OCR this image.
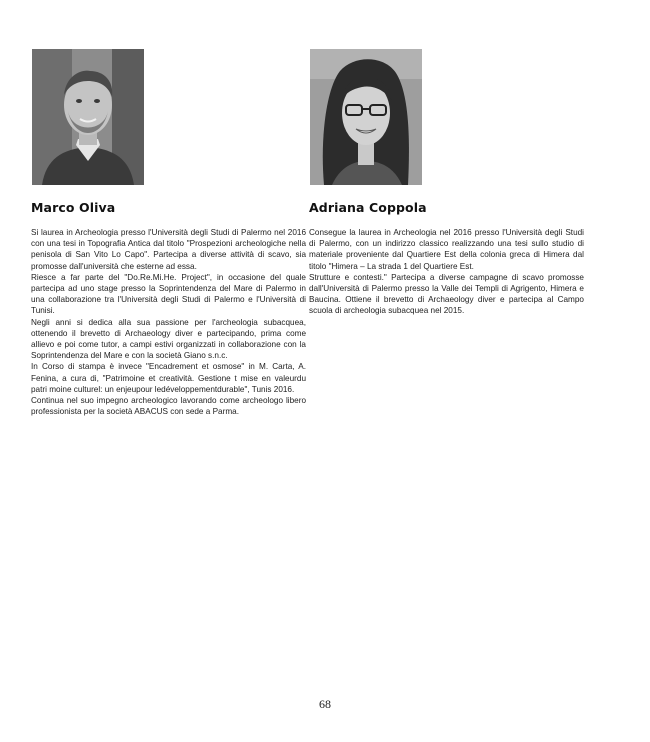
Marco Oliva	Adriana Coppola

Si laurea in Archeologia presso l'Università degli Studi di Palermo nel 2016 con una tesi in Topografia Antica dal titolo "Prospezioni archeologiche nella penisola di San Vito Lo Capo". Partecipa a diverse attività di scavo, sia promosse dall'università che esterne ad essa.

Riesce a far parte del "Do.Re.Mi.He. Project", in occasione del quale partecipa ad uno stage presso la Soprintendenza del Mare di Palermo in una collaborazione tra l'Università degli Studi di Palermo e l'Università di Tunisi.

Negli anni si dedica alla sua passione per l'archeologia subacquea, ottenendo il brevetto di Archaeology diver e partecipando, prima come allievo e poi come tutor, a campi estivi organizzati in collaborazione con la Soprintendenza del Mare e con la società Giano s.n.c.

In Corso di stampa è invece "Encadrement et osmose" in M. Carta, A. Fenina, a cura di, "Patrimoine et creatività. Gestione t mise en valeurdu patri moine culturel: un enjeupour ledéveloppementdurable", Tunis 2016.

Continua nel suo impegno archeologico lavorando come archeologo libero professionista per la società ABACUS con sede a Parma.

Consegue la laurea in Archeologia nel 2016 presso l'Università degli Studi di Palermo, con un indirizzo classico realizzando una tesi sullo studio di materiale proveniente dal Quartiere Est della colonia greca di Himera dal titolo "Himera – La strada 1 del Quartiere Est.

Strutture e contesti." Partecipa a diverse campagne di scavo promosse dall'Università di Palermo presso la Valle dei Templi di Agrigento, Himera e Baucina. Ottiene il brevetto di Archaeology diver e partecipa al Campo scuola di archeologia subacquea nel 2015.

68
